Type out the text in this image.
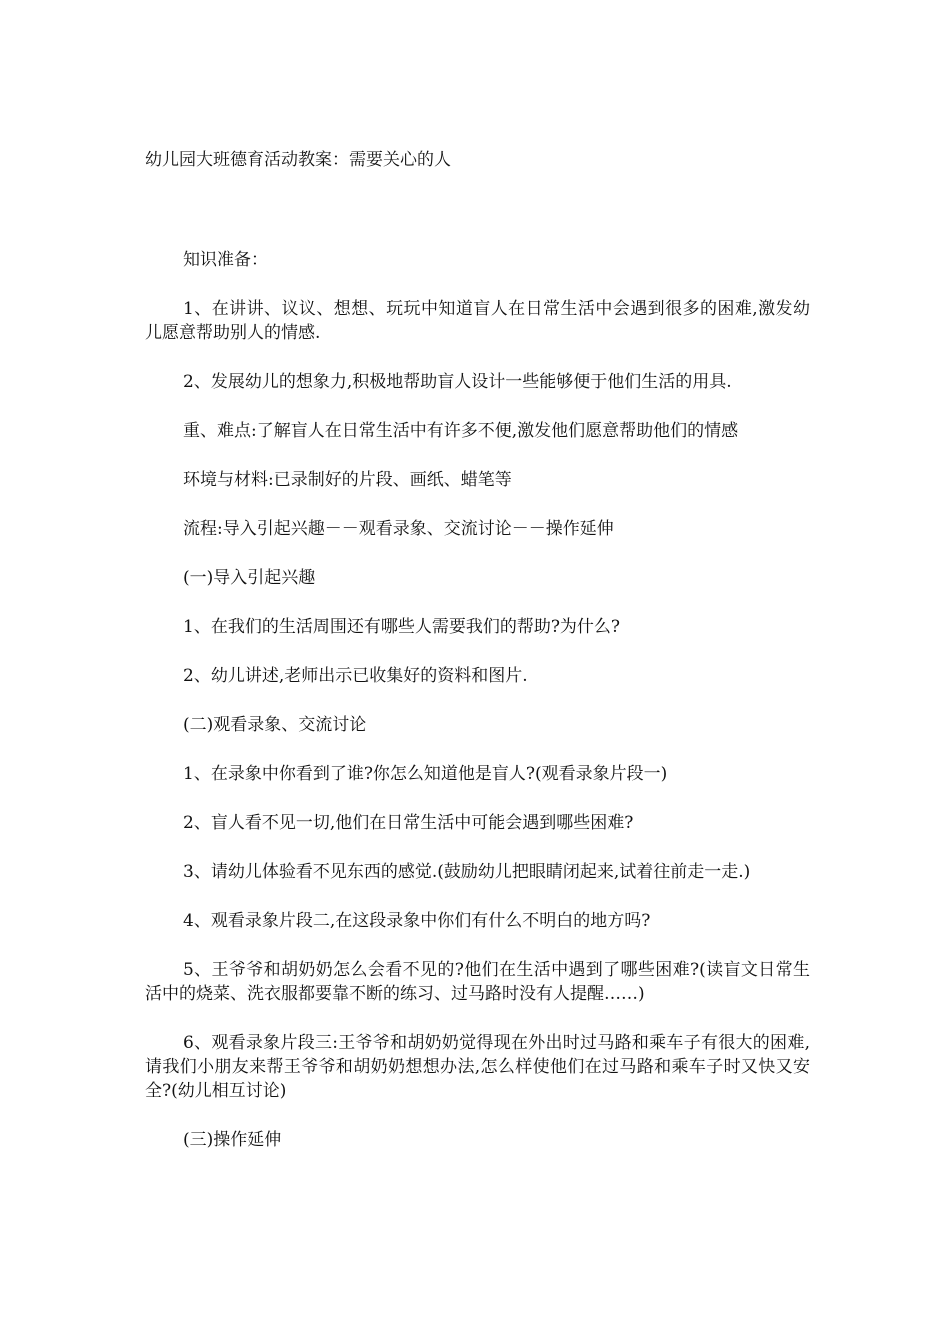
幼儿园大班德育活动教案：需要关心的人

知识准备：

1、在讲讲、议议、想想、玩玩中知道盲人在日常生活中会遇到很多的困难,激发幼儿愿意帮助别人的情感.

2、发展幼儿的想象力,积极地帮助盲人设计一些能够便于他们生活的用具.

重、难点:了解盲人在日常生活中有许多不便,激发他们愿意帮助他们的情感

环境与材料:已录制好的片段、画纸、蜡笔等

流程:导入引起兴趣－－观看录象、交流讨论－－操作延伸

(一)导入引起兴趣

1、在我们的生活周围还有哪些人需要我们的帮助?为什么?

2、幼儿讲述,老师出示已收集好的资料和图片.

(二)观看录象、交流讨论

1、在录象中你看到了谁?你怎么知道他是盲人?(观看录象片段一)

2、盲人看不见一切,他们在日常生活中可能会遇到哪些困难?

3、请幼儿体验看不见东西的感觉.(鼓励幼儿把眼睛闭起来,试着往前走一走.)

4、观看录象片段二,在这段录象中你们有什么不明白的地方吗?

5、王爷爷和胡奶奶怎么会看不见的?他们在生活中遇到了哪些困难?(读盲文日常生活中的烧菜、洗衣服都要靠不断的练习、过马路时没有人提醒……)

6、观看录象片段三:王爷爷和胡奶奶觉得现在外出时过马路和乘车子有很大的困难,请我们小朋友来帮王爷爷和胡奶奶想想办法,怎么样使他们在过马路和乘车子时又快又安全?(幼儿相互讨论)

(三)操作延伸
